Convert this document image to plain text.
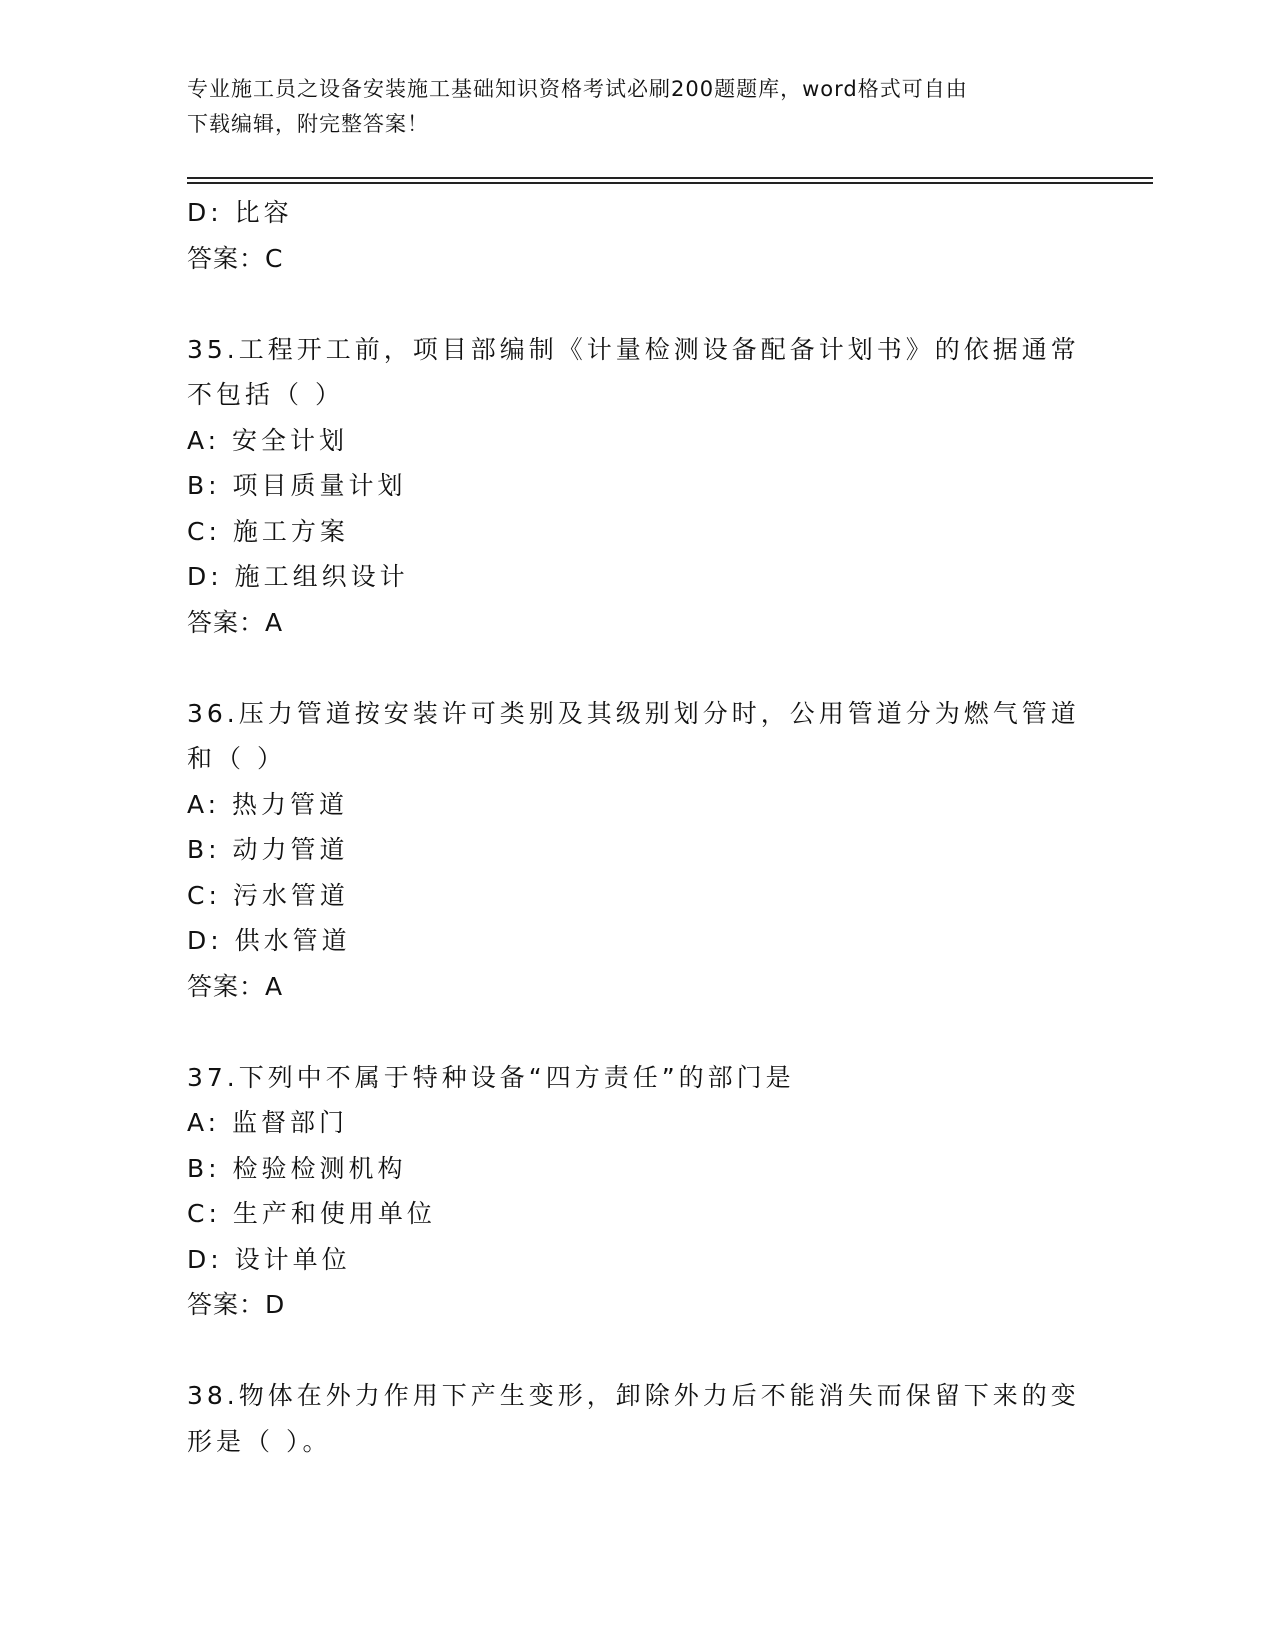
专业施工员之设备安装施工基础知识资格考试必刷200题题库，word格式可自由
下载编辑，附完整答案！
D: 比容
答案：C
35.工程开工前，项目部编制《计量检测设备配备计划书》的依据通常
不包括（ ）
A: 安全计划
B: 项目质量计划
C: 施工方案
D: 施工组织设计
答案：A
36.压力管道按安装许可类别及其级别划分时，公用管道分为燃气管道
和（ ）
A: 热力管道
B: 动力管道
C: 污水管道
D: 供水管道
答案：A
37.下列中不属于特种设备“四方责任”的部门是
A: 监督部门
B: 检验检测机构
C: 生产和使用单位
D: 设计单位
答案：D
38.物体在外力作用下产生变形，卸除外力后不能消失而保留下来的变
形是（ ）。
